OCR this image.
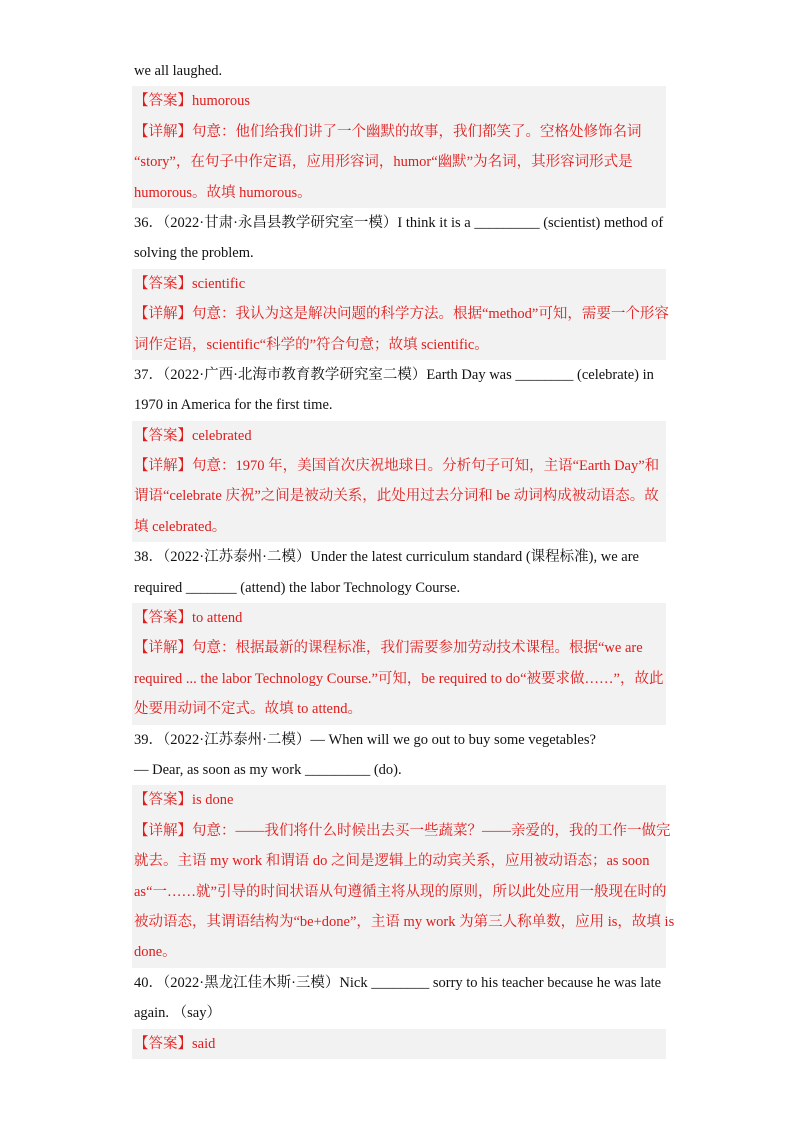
we all laughed.
【答案】humorous
【详解】句意：他们给我们讲了一个幽默的故事，我们都笑了。空格处修饰名词
“story”，在句子中作定语，应用形容词，humor“幽默”为名词，其形容词形式是
humorous。故填 humorous。
36．（2022·甘肃·永昌县教学研究室一模）I think it is a _________ (scientist) method of
solving the problem.
【答案】scientific
【详解】句意：我认为这是解决问题的科学方法。根据“method”可知，需要一个形容
词作定语，scientific“科学的”符合句意；故填 scientific。
37．（2022·广西·北海市教育教学研究室二模）Earth Day was ________ (celebrate) in
1970 in America for the first time.
【答案】celebrated
【详解】句意：1970 年，美国首次庆祝地球日。分析句子可知，主语“Earth Day”和
谓语“celebrate 庆祝”之间是被动关系，此处用过去分词和 be 动词构成被动语态。故
填 celebrated。
38．（2022·江苏泰州·二模）Under the latest curriculum standard (课程标准), we are
required _______ (attend) the labor Technology Course.
【答案】to attend
【详解】句意：根据最新的课程标准，我们需要参加劳动技术课程。根据“we are
required ... the labor Technology Course.”可知，be required to do“被要求做……”，故此
处要用动词不定式。故填 to attend。
39．（2022·江苏泰州·二模）— When will we go out to buy some vegetables?
— Dear, as soon as my work _________ (do).
【答案】is done
【详解】句意：——我们将什么时候出去买一些蔬菜？——亲爱的，我的工作一做完
就去。主语 my work 和谓语 do 之间是逻辑上的动宾关系，应用被动语态；as soon
as“一……就”引导的时间状语从句遵循主将从现的原则，所以此处应用一般现在时的
被动语态，其谓语结构为“be+done”，主语 my work 为第三人称单数，应用 is，故填 is
done。
40．（2022·黑龙江佳木斯·三模）Nick ________ sorry to his teacher because he was late
again. （say）
【答案】said
